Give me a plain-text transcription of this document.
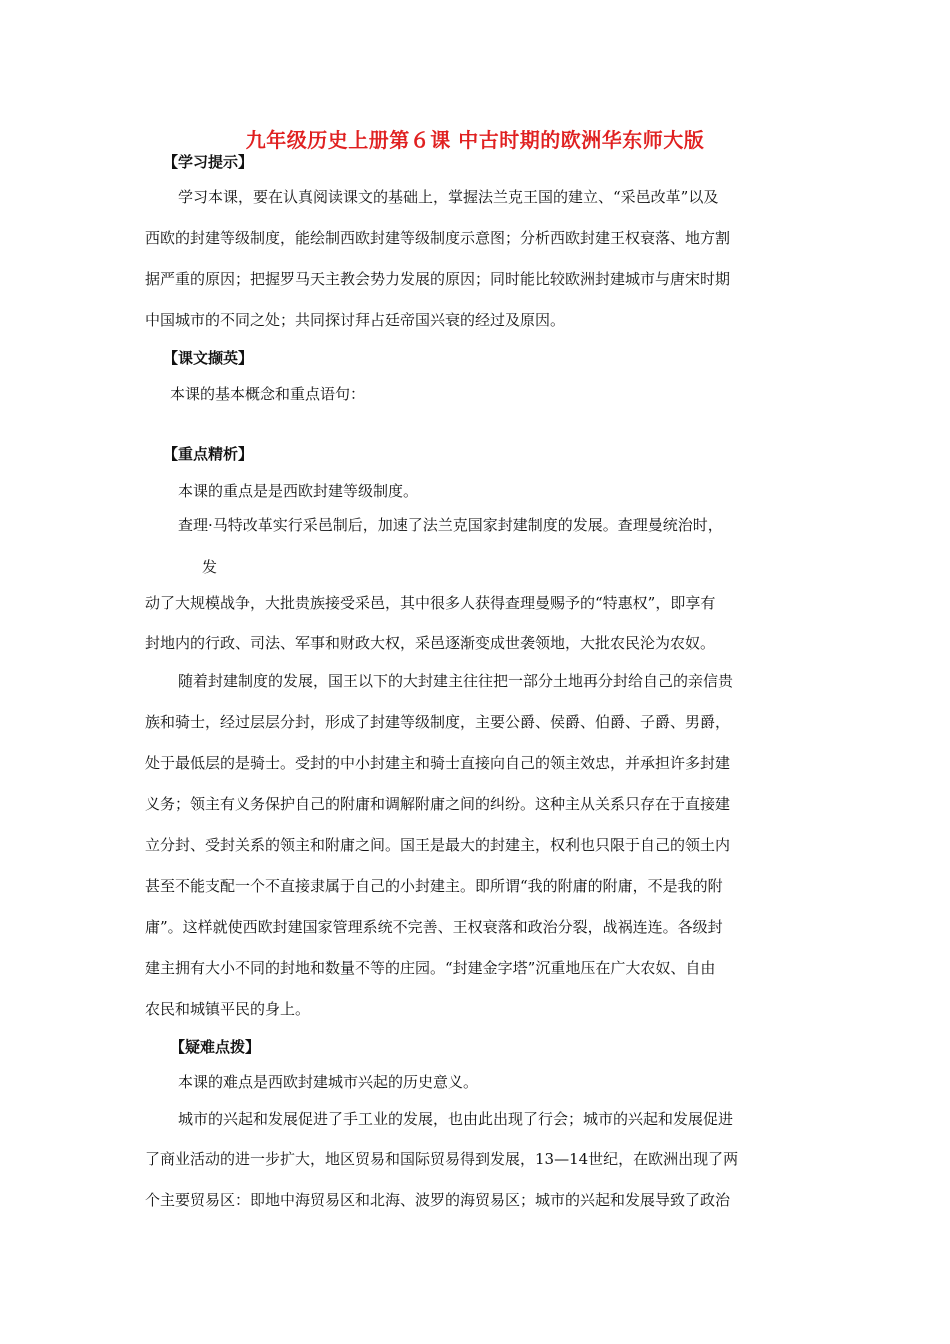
九年级历史上册第６课 中古时期的欧洲华东师大版
【学习提示】
学习本课，要在认真阅读课文的基础上，掌握法兰克王国的建立、“采邑改革”以及
西欧的封建等级制度，能绘制西欧封建等级制度示意图；分析西欧封建王权衰落、地方割
据严重的原因；把握罗马天主教会势力发展的原因；同时能比较欧洲封建城市与唐宋时期
中国城市的不同之处；共同探讨拜占廷帝国兴衰的经过及原因。
【课文撷英】
本课的基本概念和重点语句：
【重点精析】
本课的重点是是西欧封建等级制度。
查理·马特改革实行采邑制后，加速了法兰克国家封建制度的发展。查理曼统治时，
发
动了大规模战争，大批贵族接受采邑，其中很多人获得查理曼赐予的“特惠权”，即享有
封地内的行政、司法、军事和财政大权，采邑逐渐变成世袭领地，大批农民沦为农奴。
随着封建制度的发展，国王以下的大封建主往往把一部分土地再分封给自己的亲信贵
族和骑士，经过层层分封，形成了封建等级制度，主要公爵、侯爵、伯爵、子爵、男爵，
处于最低层的是骑士。受封的中小封建主和骑士直接向自己的领主效忠，并承担许多封建
义务；领主有义务保护自己的附庸和调解附庸之间的纠纷。这种主从关系只存在于直接建
立分封、受封关系的领主和附庸之间。国王是最大的封建主，权利也只限于自己的领土内
甚至不能支配一个不直接隶属于自己的小封建主。即所谓“我的附庸的附庸，不是我的附
庸”。这样就使西欧封建国家管理系统不完善、王权衰落和政治分裂，战祸连连。各级封
建主拥有大小不同的封地和数量不等的庄园。“封建金字塔”沉重地压在广大农奴、自由
农民和城镇平民的身上。
【疑难点拨】
本课的难点是西欧封建城市兴起的历史意义。
城市的兴起和发展促进了手工业的发展，也由此出现了行会；城市的兴起和发展促进
了商业活动的进一步扩大，地区贸易和国际贸易得到发展，13—14世纪，在欧洲出现了两
个主要贸易区：即地中海贸易区和北海、波罗的海贸易区；城市的兴起和发展导致了政治
